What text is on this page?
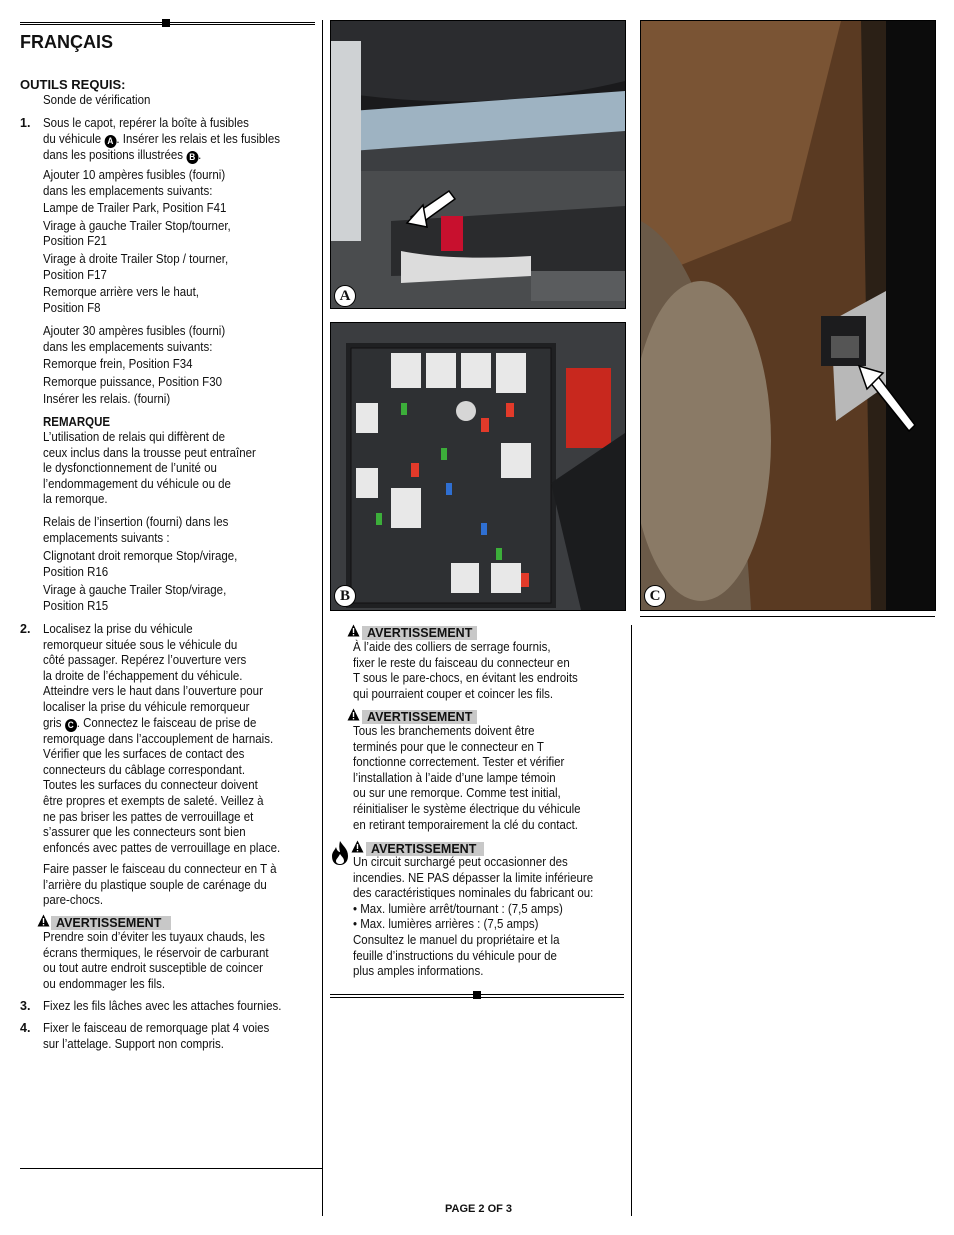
FRANÇAIS
OUTILS REQUIS:
Sonde de vérification
1. Sous le capot, repérer la boîte à fusibles
du véhicule A . Insérer les relais et les fusibles
dans les positions illustrées B .
Ajouter 10 ampères fusibles (fourni)
dans les emplacements suivants:
Lampe de Trailer Park, Position F41
Virage à gauche Trailer Stop/tourner,
Position F21
Virage à droite Trailer Stop / tourner,
Position F17
Remorque arrière vers le haut,
Position F8
Ajouter 30 ampères fusibles (fourni)
dans les emplacements suivants:
Remorque frein, Position F34
Remorque puissance, Position F30
Insérer les relais. (fourni)
REMARQUE
L’utilisation de relais qui diffèrent de
ceux inclus dans la trousse peut entraîner
le dysfonctionnement de l’unité ou
l’endommagement du véhicule ou de
la remorque.
Relais de l’insertion (fourni) dans les
emplacements suivants :
Clignotant droit remorque Stop/virage,
Position R16
Virage à gauche Trailer Stop/virage,
Position R15
2. Localisez la prise du véhicule
remorqueur située sous le véhicule du
côté passager. Repérez l’ouverture vers
la droite de l’échappement du véhicule.
Atteindre vers le haut dans l’ouverture pour
localiser la prise du véhicule remorqueur
gris C . Connectez le faisceau de prise de
remorquage dans l’accouplement de harnais.
Vérifier que les surfaces de contact des
connecteurs du câblage correspondant.
Toutes les surfaces du connecteur doivent
être propres et exempts de saleté. Veillez à
ne pas briser les pattes de verrouillage et
s’assurer que les connecteurs sont bien
enfoncés avec pattes de verrouillage en place.
Faire passer le faisceau du connecteur en T à
l’arrière du plastique souple de carénage du
pare-chocs.
AVERTISSEMENT
Prendre soin d’éviter les tuyaux chauds, les
écrans thermiques, le réservoir de carburant
ou tout autre endroit susceptible de coincer
ou endommager les fils.
3. Fixez les fils lâches avec les attaches fournies.
4. Fixer le faisceau de remorquage plat 4 voies
sur l’attelage. Support non compris.
A
B	C
AVERTISSEMENT
À l’aide des colliers de serrage fournis,
fixer le reste du faisceau du connecteur en
T sous le pare-chocs, en évitant les endroits
qui pourraient couper et coincer les fils.
AVERTISSEMENT
Tous les branchements doivent être
terminés pour que le connecteur en T
fonctionne correctement. Tester et vérifier
l’installation à l’aide d’une lampe témoin
ou sur une remorque. Comme test initial,
réinitialiser le système électrique du véhicule
en retirant temporairement la clé du contact.
AVERTISSEMENT
Un circuit surchargé peut occasionner des
incendies. NE PAS dépasser la limite inférieure
des caractéristiques nominales du fabricant ou:
• Max. lumière arrêt/tournant : (7,5 amps)
• Max. lumières arrières : (7,5 amps)
Consultez le manuel du propriétaire et la
feuille d’instructions du véhicule pour de
plus amples informations.
PAGE 2 OF 3
